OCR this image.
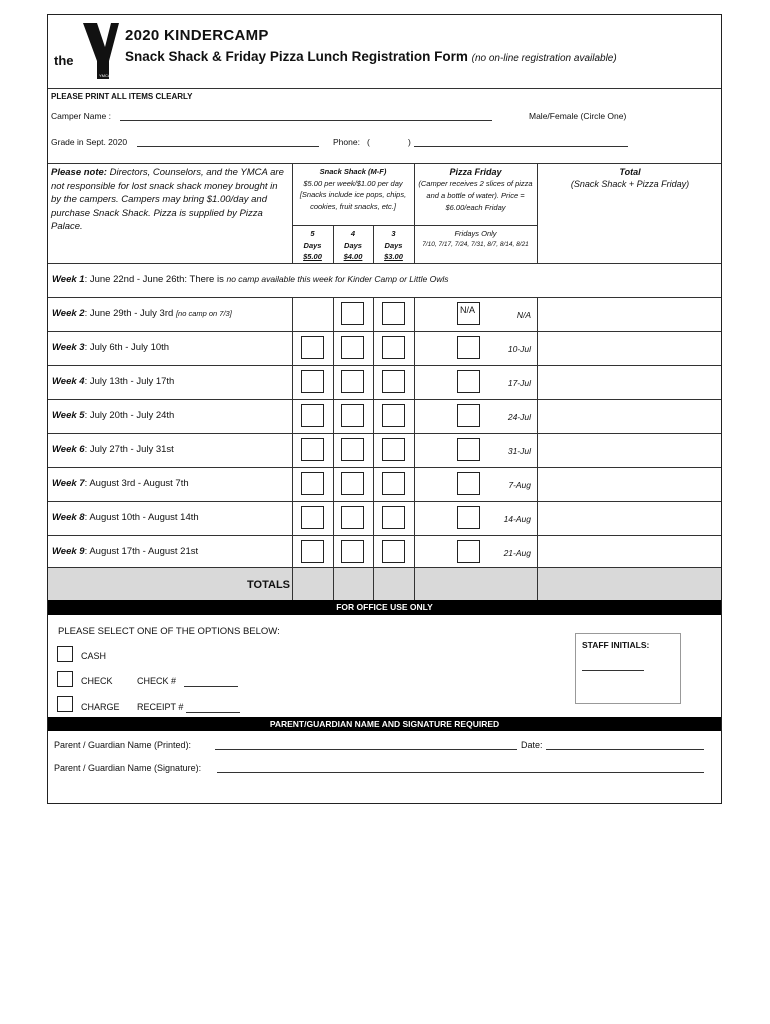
the
YMCA
2020 KINDERCAMP
Snack Shack & Friday Pizza Lunch Registration Form (no on-line registration available)
PLEASE PRINT ALL ITEMS CLEARLY
Camper Name :	Male/Female (Circle One)
Grade in Sept. 2020	Phone: (	)
Please note: Directors, Counselors, and the YMCA are not responsible for lost snack shack money brought in by the campers. Campers may bring $1.00/day and purchase Snack Shack. Pizza is supplied by Pizza Palace.
Snack Shack (M-F)
$5.00 per week/$1.00 per day [Snacks include ice pops, chips, cookies, fruit snacks, etc.]
5
Days
$5.00
4
Days
$4.00
3
Days
$3.00
Pizza Friday
(Camper receives 2 slices of pizza and a bottle of water). Price = $6.00/each Friday
Fridays Only
7/10, 7/17, 7/24, 7/31, 8/7, 8/14, 8/21
Total
(Snack Shack + Pizza Friday)
Week 1: June 22nd - June 26th: There is no camp available this week for Kinder Camp or Little Owls
Week 2: June 29th - July 3rd [no camp on 7/3]	N/A	N/A
Week 3: July 6th - July 10th	10-Jul
Week 4: July 13th - July 17th	17-Jul
Week 5: July 20th - July 24th	24-Jul
Week 6: July 27th - July 31st	31-Jul
Week 7: August 3rd - August 7th	7-Aug
Week 8: August 10th - August 14th	14-Aug
Week 9: August 17th - August 21st	21-Aug
TOTALS
FOR OFFICE USE ONLY
PLEASE SELECT ONE OF THE OPTIONS BELOW:
CASH
CHECK	CHECK #
CHARGE RECEIPT #
STAFF INITIALS:
PARENT/GUARDIAN NAME AND SIGNATURE REQUIRED
Parent / Guardian Name (Printed):	Date:
Parent / Guardian Name (Signature):
